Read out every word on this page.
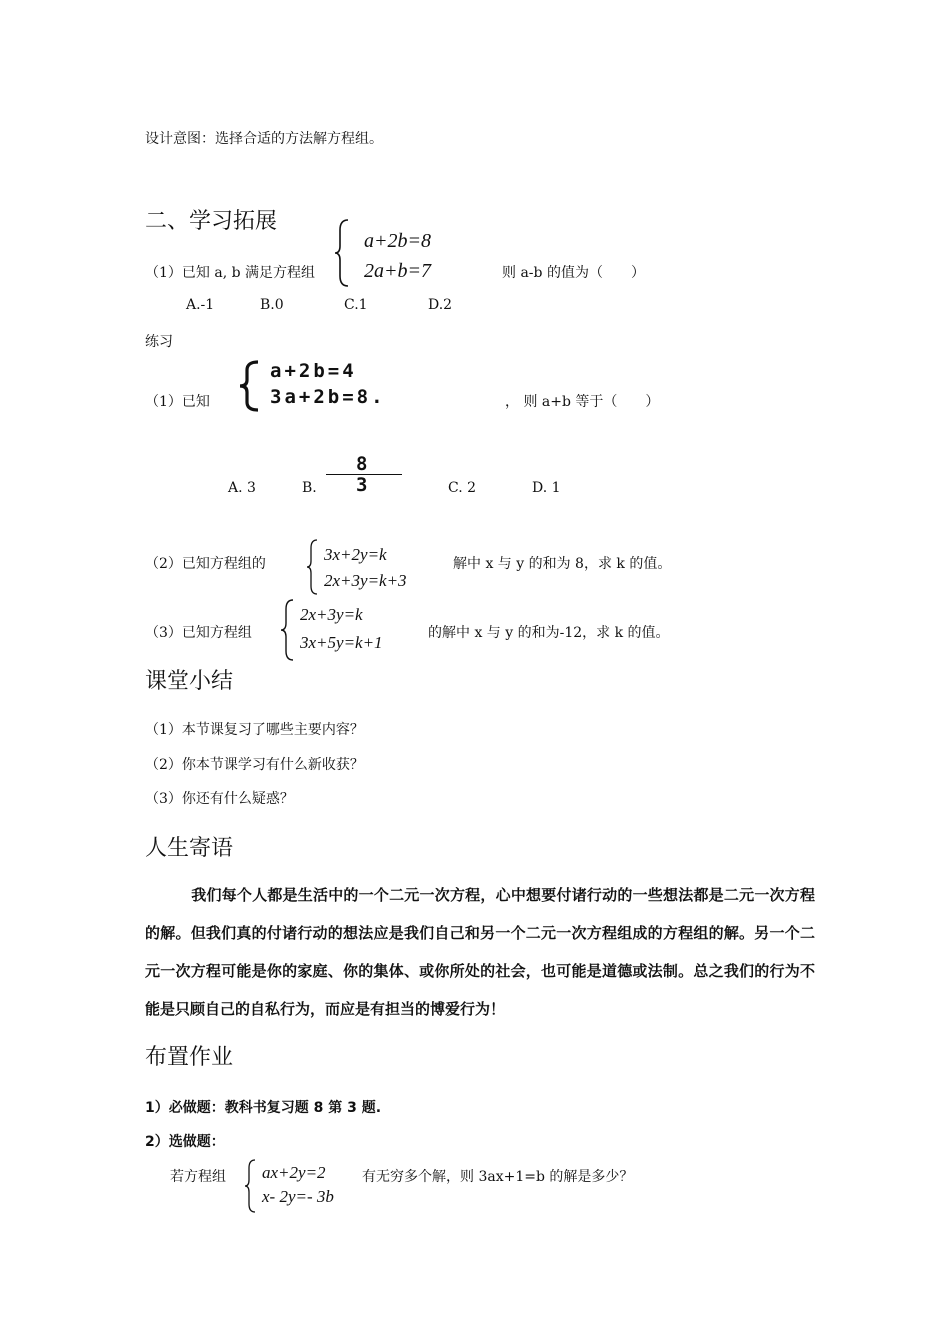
设计意图：选择合适的方法解方程组。
二、学习拓展
（1）已知 a, b 满足方程组
a+2b=8
2a+b=7	则 a-b 的值为（　　）
A.-1	B.0	C.1	D.2
练习
（1）已知
a+2b=4
3a+2b=8.	， 则 a+b 等于（　　）
A. 3	B.
8
3	C. 2	D. 1
（2）已知方程组的	3x+2y=k
2x+3y=k+3
解中 x 与 y 的和为 8，求 k 的值。
（3）已知方程组
2x+3y=k
3x+5y=k+1	的解中 x 与 y 的和为-12，求 k 的值。
课堂小结
（1）本节课复习了哪些主要内容？
（2）你本节课学习有什么新收获？
（3）你还有什么疑惑？
人生寄语
我们每个人都是生活中的一个二元一次方程，心中想要付诸行动的一些想法都是二元一次方程的解。但我们真的付诸行动的想法应是我们自己和另一个二元一次方程组成的方程组的解。另一个二元一次方程可能是你的家庭、你的集体、或你所处的社会，也可能是道德或法制。总之我们的行为不能是只顾自己的自私行为，而应是有担当的博爱行为！
布置作业
1）必做题：教科书复习题 8 第 3 题.
2）选做题：
若方程组 ax+2y=2
x- 2y=- 3b
有无穷多个解，则 3ax+1=b 的解是多少？
